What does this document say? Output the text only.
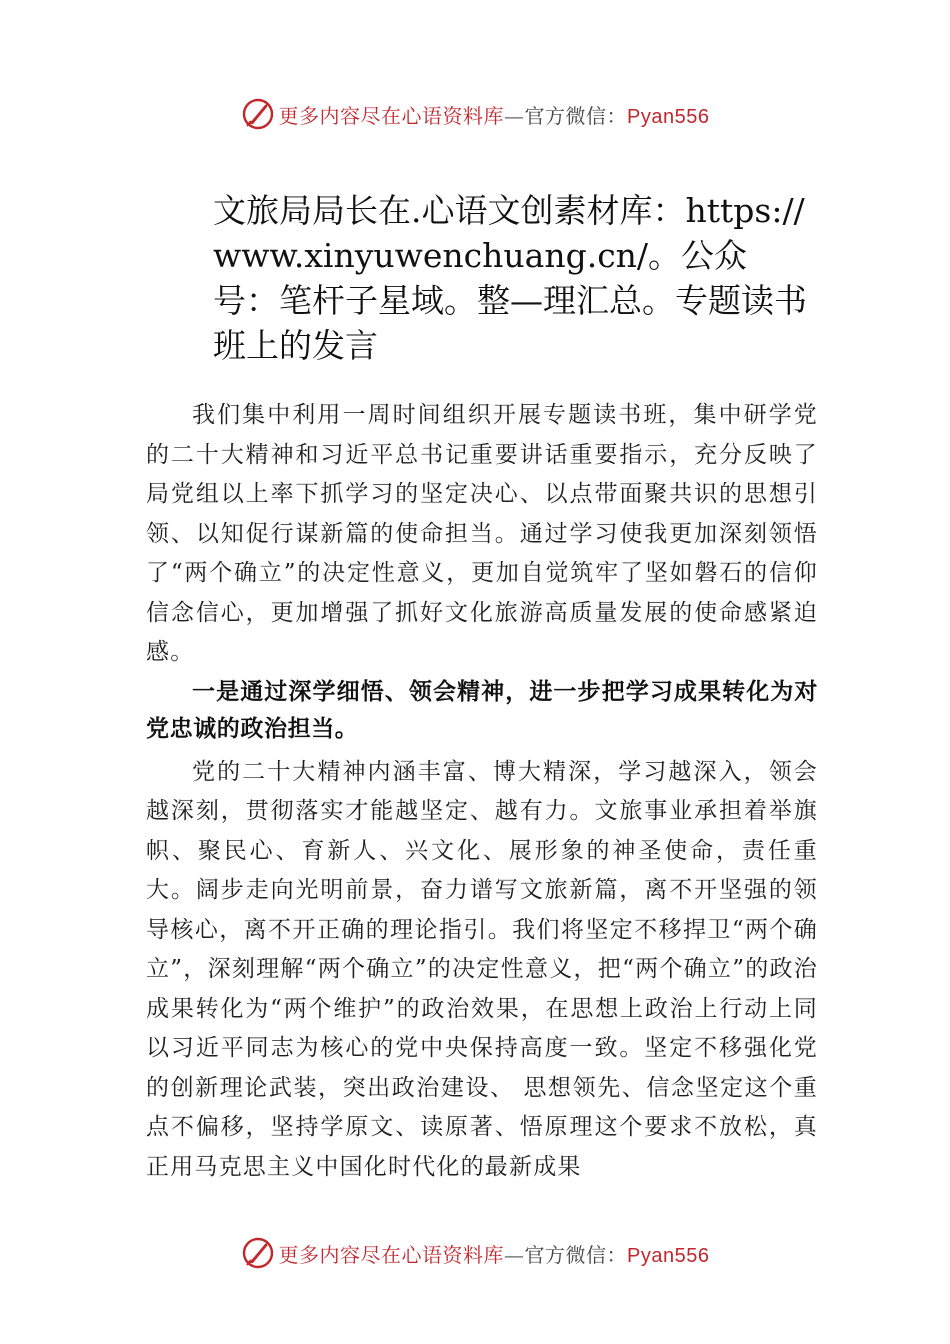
更多内容尽在心语资料库—官方微信：Pyan556
文旅局局长在.心语文创素材库：https://www.xinyuwenchuang.cn/。公众号：笔杆子星域。整—理汇总。专题读书班上的发言

我们集中利用一周时间组织开展专题读书班，集中研学党的二十大精神和习近平总书记重要讲话重要指示，充分反映了局党组以上率下抓学习的坚定决心、以点带面聚共识的思想引领、以知促行谋新篇的使命担当。通过学习使我更加深刻领悟了“两个确立”的决定性意义，更加自觉筑牢了坚如磐石的信仰信念信心，更加增强了抓好文化旅游高质量发展的使命感紧迫感。

一是通过深学细悟、领会精神，进一步把学习成果转化为对党忠诚的政治担当。

党的二十大精神内涵丰富、博大精深，学习越深入，领会越深刻，贯彻落实才能越坚定、越有力。文旅事业承担着举旗帜、聚民心、育新人、兴文化、展形象的神圣使命，责任重大。阔步走向光明前景，奋力谱写文旅新篇，离不开坚强的领导核心，离不开正确的理论指引。我们将坚定不移捍卫“两个确立”，深刻理解“两个确立”的决定性意义，把“两个确立”的政治成果转化为“两个维护”的政治效果，在思想上政治上行动上同以习近平同志为核心的党中央保持高度一致。坚定不移强化党的创新理论武装，突出政治建设、 思想领先、信念坚定这个重点不偏移，坚持学原文、读原著、悟原理这个要求不放松，真正用马克思主义中国化时代化的最新成果

更多内容尽在心语资料库—官方微信：Pyan556
